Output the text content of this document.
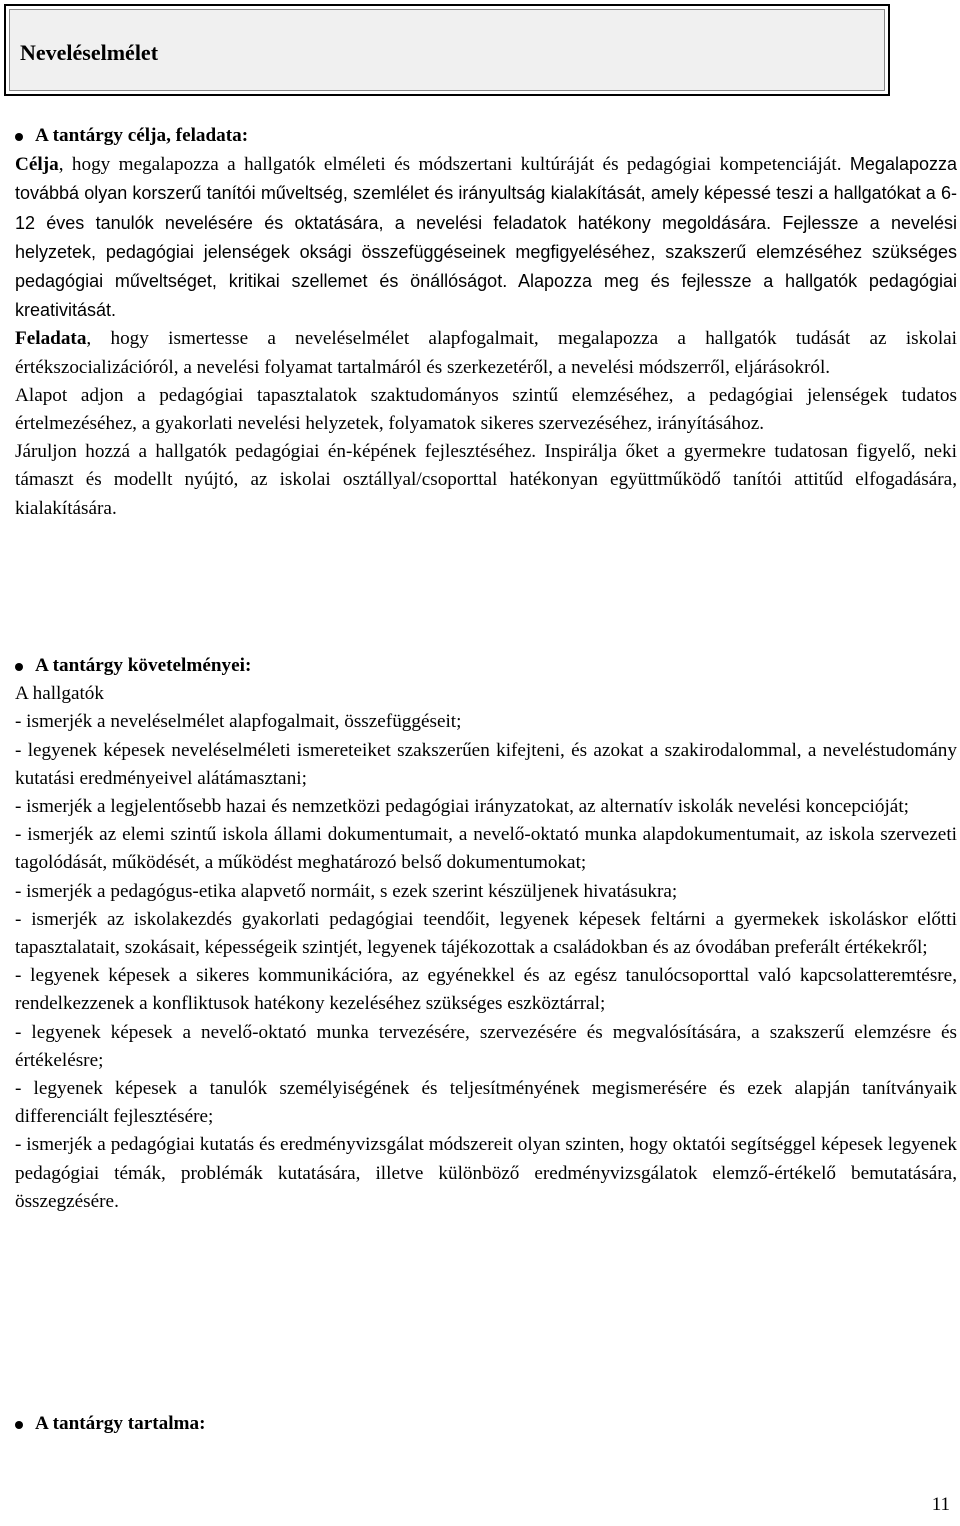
Neveléselmélet

A tantárgy célja, feladata:

Célja, hogy megalapozza a hallgatók elméleti és módszertani kultúráját és pedagógiai kompetenciáját. Megalapozza továbbá olyan korszerű tanítói műveltség, szemlélet és irányultság kialakítását, amely képessé teszi a hallgatókat a 6-12 éves tanulók nevelésére és oktatására, a nevelési feladatok hatékony megoldására. Fejlessze a nevelési helyzetek, pedagógiai jelenségek oksági összefüggéseinek megfigyeléséhez, szakszerű elemzéséhez szükséges pedagógiai műveltséget, kritikai szellemet és önállóságot. Alapozza meg és fejlessze a hallgatók pedagógiai kreativitását.

Feladata, hogy ismertesse a neveléselmélet alapfogalmait, megalapozza a hallgatók tudását az iskolai értékszocializációról, a nevelési folyamat tartalmáról és szerkezetéről, a nevelési módszerről, eljárásokról.

Alapot adjon a pedagógiai tapasztalatok szaktudományos szintű elemzéséhez, a pedagógiai jelenségek tudatos értelmezéséhez, a gyakorlati nevelési helyzetek, folyamatok sikeres szervezéséhez, irányításához.

Járuljon hozzá a hallgatók pedagógiai én-képének fejlesztéséhez. Inspirálja őket a gyermekre tudatosan figyelő, neki támaszt és modellt nyújtó, az iskolai osztállyal/csoporttal hatékonyan együttműködő tanítói attitűd elfogadására, kialakítására.

A tantárgy követelményei:

A hallgatók

- ismerjék a neveléselmélet alapfogalmait, összefüggéseit;

- legyenek képesek neveléselméleti ismereteiket szakszerűen kifejteni, és azokat a szakirodalommal, a neveléstudomány kutatási eredményeivel alátámasztani;

- ismerjék a legjelentősebb hazai és nemzetközi pedagógiai irányzatokat, az alternatív iskolák nevelési koncepcióját;

- ismerjék az elemi szintű iskola állami dokumentumait, a nevelő-oktató munka alapdokumentumait, az iskola szervezeti tagolódását, működését, a működést meghatározó belső dokumentumokat;

- ismerjék a pedagógus-etika alapvető normáit, s ezek szerint készüljenek hivatásukra;

- ismerjék az iskolakezdés gyakorlati pedagógiai teendőit, legyenek képesek feltárni a gyermekek iskoláskor előtti tapasztalatait, szokásait, képességeik szintjét, legyenek tájékozottak a családokban és az óvodában preferált értékekről;

- legyenek képesek a sikeres kommunikációra, az egyénekkel és az egész tanulócsoporttal való kapcsolatteremtésre, rendelkezzenek a konfliktusok hatékony kezeléséhez szükséges eszköztárral;

- legyenek képesek a nevelő-oktató munka tervezésére, szervezésére és megvalósítására, a szakszerű elemzésre és értékelésre;

- legyenek képesek a tanulók személyiségének és teljesítményének megismerésére és ezek alapján tanítványaik differenciált fejlesztésére;

- ismerjék a pedagógiai kutatás és eredményvizsgálat módszereit olyan szinten, hogy oktatói segítséggel képesek legyenek pedagógiai témák, problémák kutatására, illetve különböző eredményvizsgálatok elemző-értékelő bemutatására, összegzésére.

A tantárgy tartalma:

11
